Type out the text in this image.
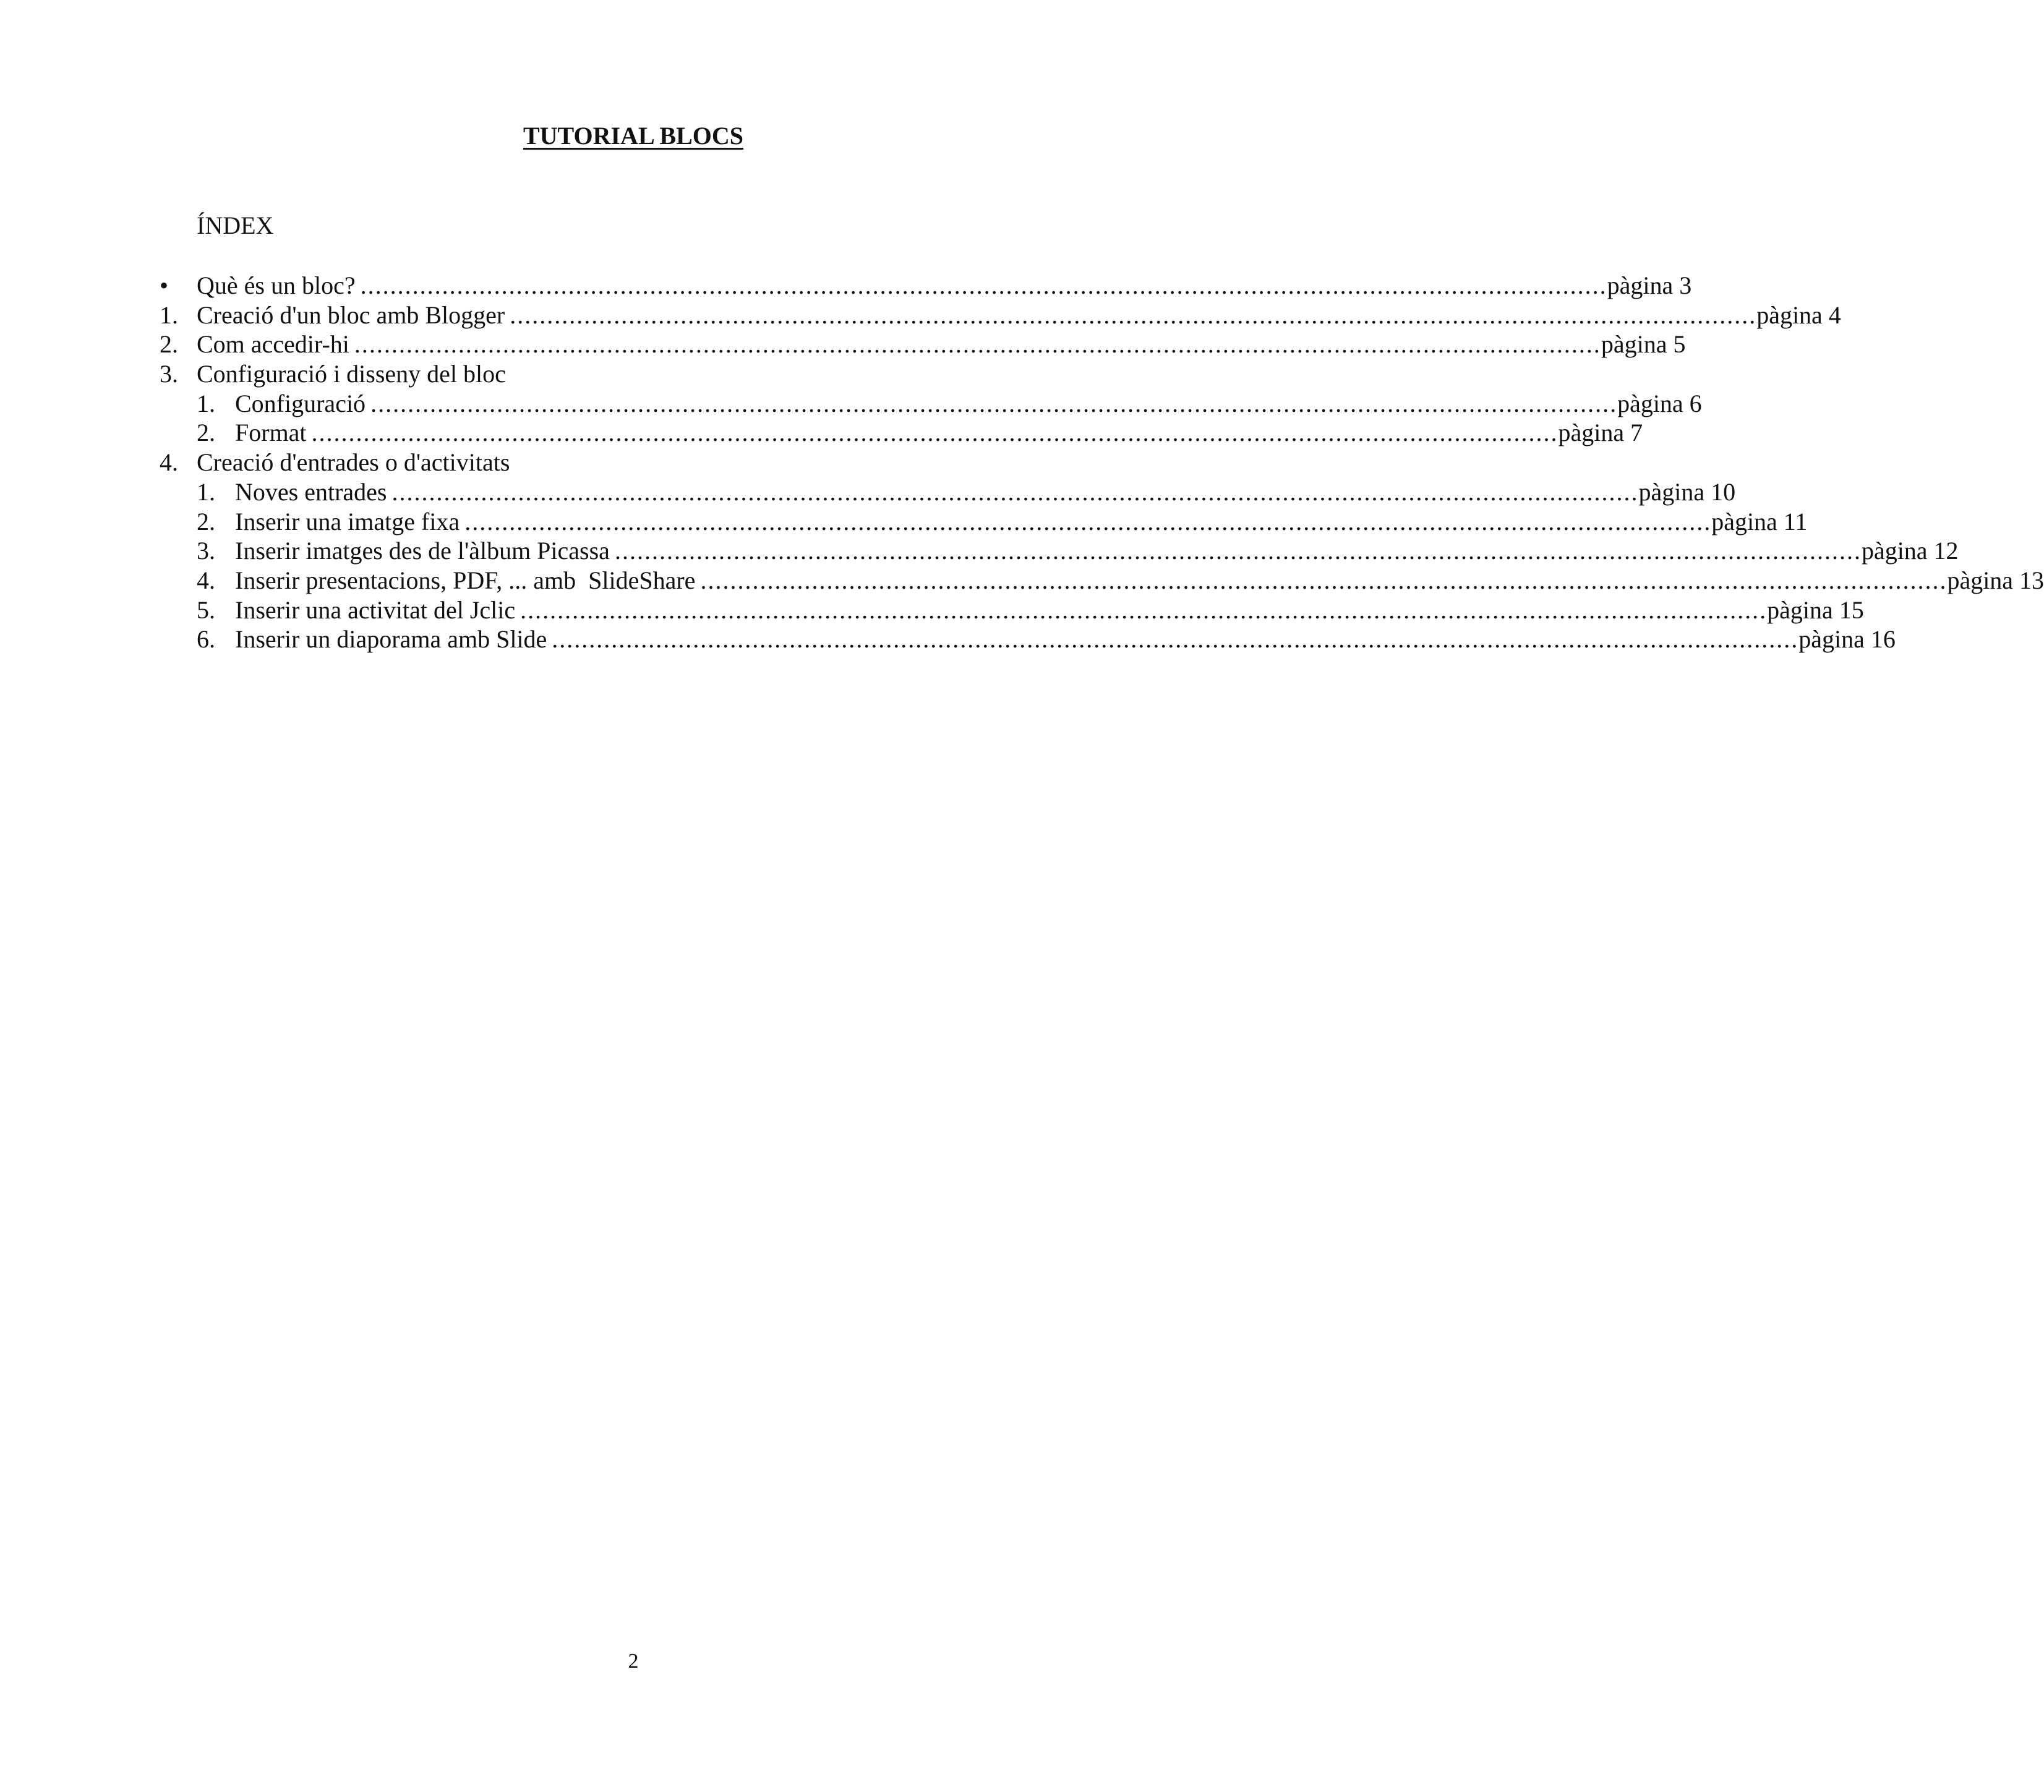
TUTORIAL BLOCS
ÍNDEX
• Què és un bloc? ........................................................................................................................................................................ pàgina 3
1. Creació d'un bloc amb Blogger ........................................................................................................................................................................ pàgina 4
2. Com accedir-hi ........................................................................................................................................................................ pàgina 5
3. Configuració i disseny del bloc
1. Configuració ........................................................................................................................................................................ pàgina 6
2. Format ........................................................................................................................................................................ pàgina 7
4. Creació d'entrades o d'activitats
1. Noves entrades ........................................................................................................................................................................ pàgina 10
2. Inserir una imatge fixa ........................................................................................................................................................................ pàgina 11
3. Inserir imatges des de l'àlbum Picassa ........................................................................................................................................................................ pàgina 12
4. Inserir presentacions, PDF, ... amb  SlideShare ........................................................................................................................................................................ pàgina 13
5. Inserir una activitat del Jclic ........................................................................................................................................................................ pàgina 15
6. Inserir un diaporama amb Slide ........................................................................................................................................................................ pàgina 16
2
